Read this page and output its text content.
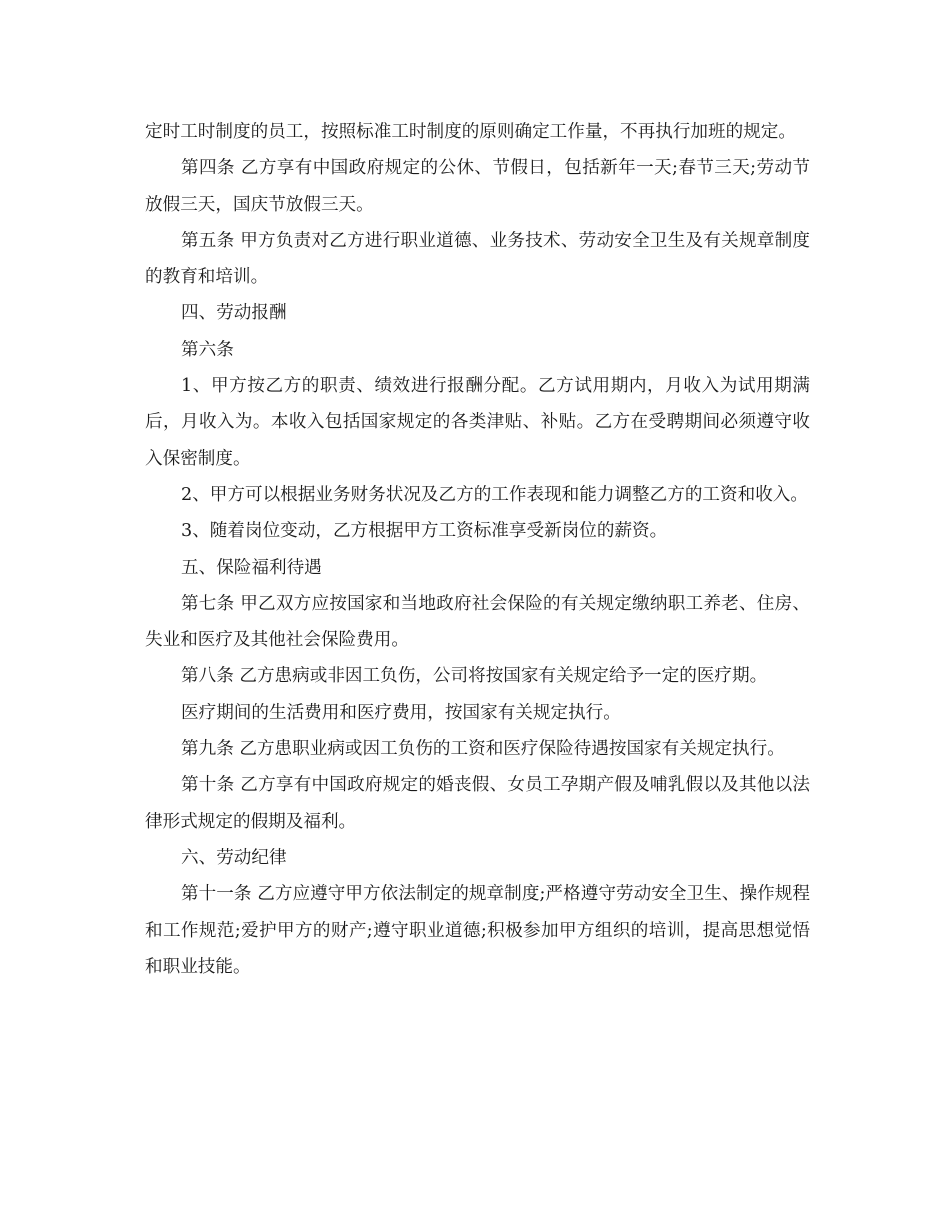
定时工时制度的员工，按照标准工时制度的原则确定工作量，不再执行加班的规定。

第四条 乙方享有中国政府规定的公休、节假日，包括新年一天;春节三天;劳动节放假三天，国庆节放假三天。

第五条 甲方负责对乙方进行职业道德、业务技术、劳动安全卫生及有关规章制度的教育和培训。

四、劳动报酬

第六条

1、甲方按乙方的职责、绩效进行报酬分配。乙方试用期内，月收入为试用期满后，月收入为。本收入包括国家规定的各类津贴、补贴。乙方在受聘期间必须遵守收入保密制度。

2、甲方可以根据业务财务状况及乙方的工作表现和能力调整乙方的工资和收入。

3、随着岗位变动，乙方根据甲方工资标准享受新岗位的薪资。

五、保险福利待遇

第七条 甲乙双方应按国家和当地政府社会保险的有关规定缴纳职工养老、住房、失业和医疗及其他社会保险费用。

第八条 乙方患病或非因工负伤，公司将按国家有关规定给予一定的医疗期。

医疗期间的生活费用和医疗费用，按国家有关规定执行。

第九条 乙方患职业病或因工负伤的工资和医疗保险待遇按国家有关规定执行。

第十条 乙方享有中国政府规定的婚丧假、女员工孕期产假及哺乳假以及其他以法律形式规定的假期及福利。

六、劳动纪律

第十一条 乙方应遵守甲方依法制定的规章制度;严格遵守劳动安全卫生、操作规程和工作规范;爱护甲方的财产;遵守职业道德;积极参加甲方组织的培训，提高思想觉悟和职业技能。
